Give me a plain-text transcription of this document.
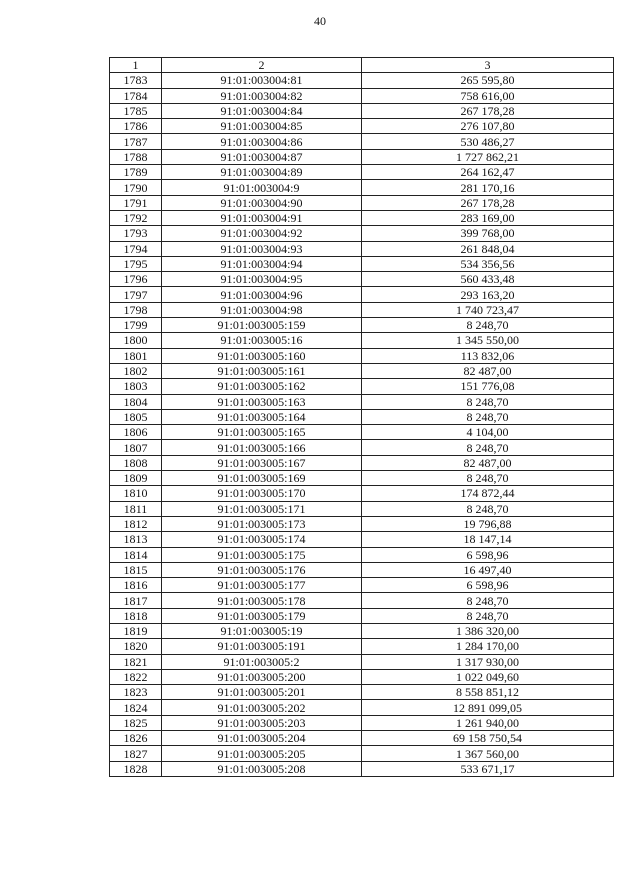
40
1	2	3
1783	91:01:003004:81	265 595,80
1784	91:01:003004:82	758 616,00
1785	91:01:003004:84	267 178,28
1786	91:01:003004:85	276 107,80
1787	91:01:003004:86	530 486,27
1788	91:01:003004:87	1 727 862,21
1789	91:01:003004:89	264 162,47
1790	91:01:003004:9	281 170,16
1791	91:01:003004:90	267 178,28
1792	91:01:003004:91	283 169,00
1793	91:01:003004:92	399 768,00
1794	91:01:003004:93	261 848,04
1795	91:01:003004:94	534 356,56
1796	91:01:003004:95	560 433,48
1797	91:01:003004:96	293 163,20
1798	91:01:003004:98	1 740 723,47
1799	91:01:003005:159	8 248,70
1800	91:01:003005:16	1 345 550,00
1801	91:01:003005:160	113 832,06
1802	91:01:003005:161	82 487,00
1803	91:01:003005:162	151 776,08
1804	91:01:003005:163	8 248,70
1805	91:01:003005:164	8 248,70
1806	91:01:003005:165	4 104,00
1807	91:01:003005:166	8 248,70
1808	91:01:003005:167	82 487,00
1809	91:01:003005:169	8 248,70
1810	91:01:003005:170	174 872,44
1811	91:01:003005:171	8 248,70
1812	91:01:003005:173	19 796,88
1813	91:01:003005:174	18 147,14
1814	91:01:003005:175	6 598,96
1815	91:01:003005:176	16 497,40
1816	91:01:003005:177	6 598,96
1817	91:01:003005:178	8 248,70
1818	91:01:003005:179	8 248,70
1819	91:01:003005:19	1 386 320,00
1820	91:01:003005:191	1 284 170,00
1821	91:01:003005:2	1 317 930,00
1822	91:01:003005:200	1 022 049,60
1823	91:01:003005:201	8 558 851,12
1824	91:01:003005:202	12 891 099,05
1825	91:01:003005:203	1 261 940,00
1826	91:01:003005:204	69 158 750,54
1827	91:01:003005:205	1 367 560,00
1828	91:01:003005:208	533 671,17
